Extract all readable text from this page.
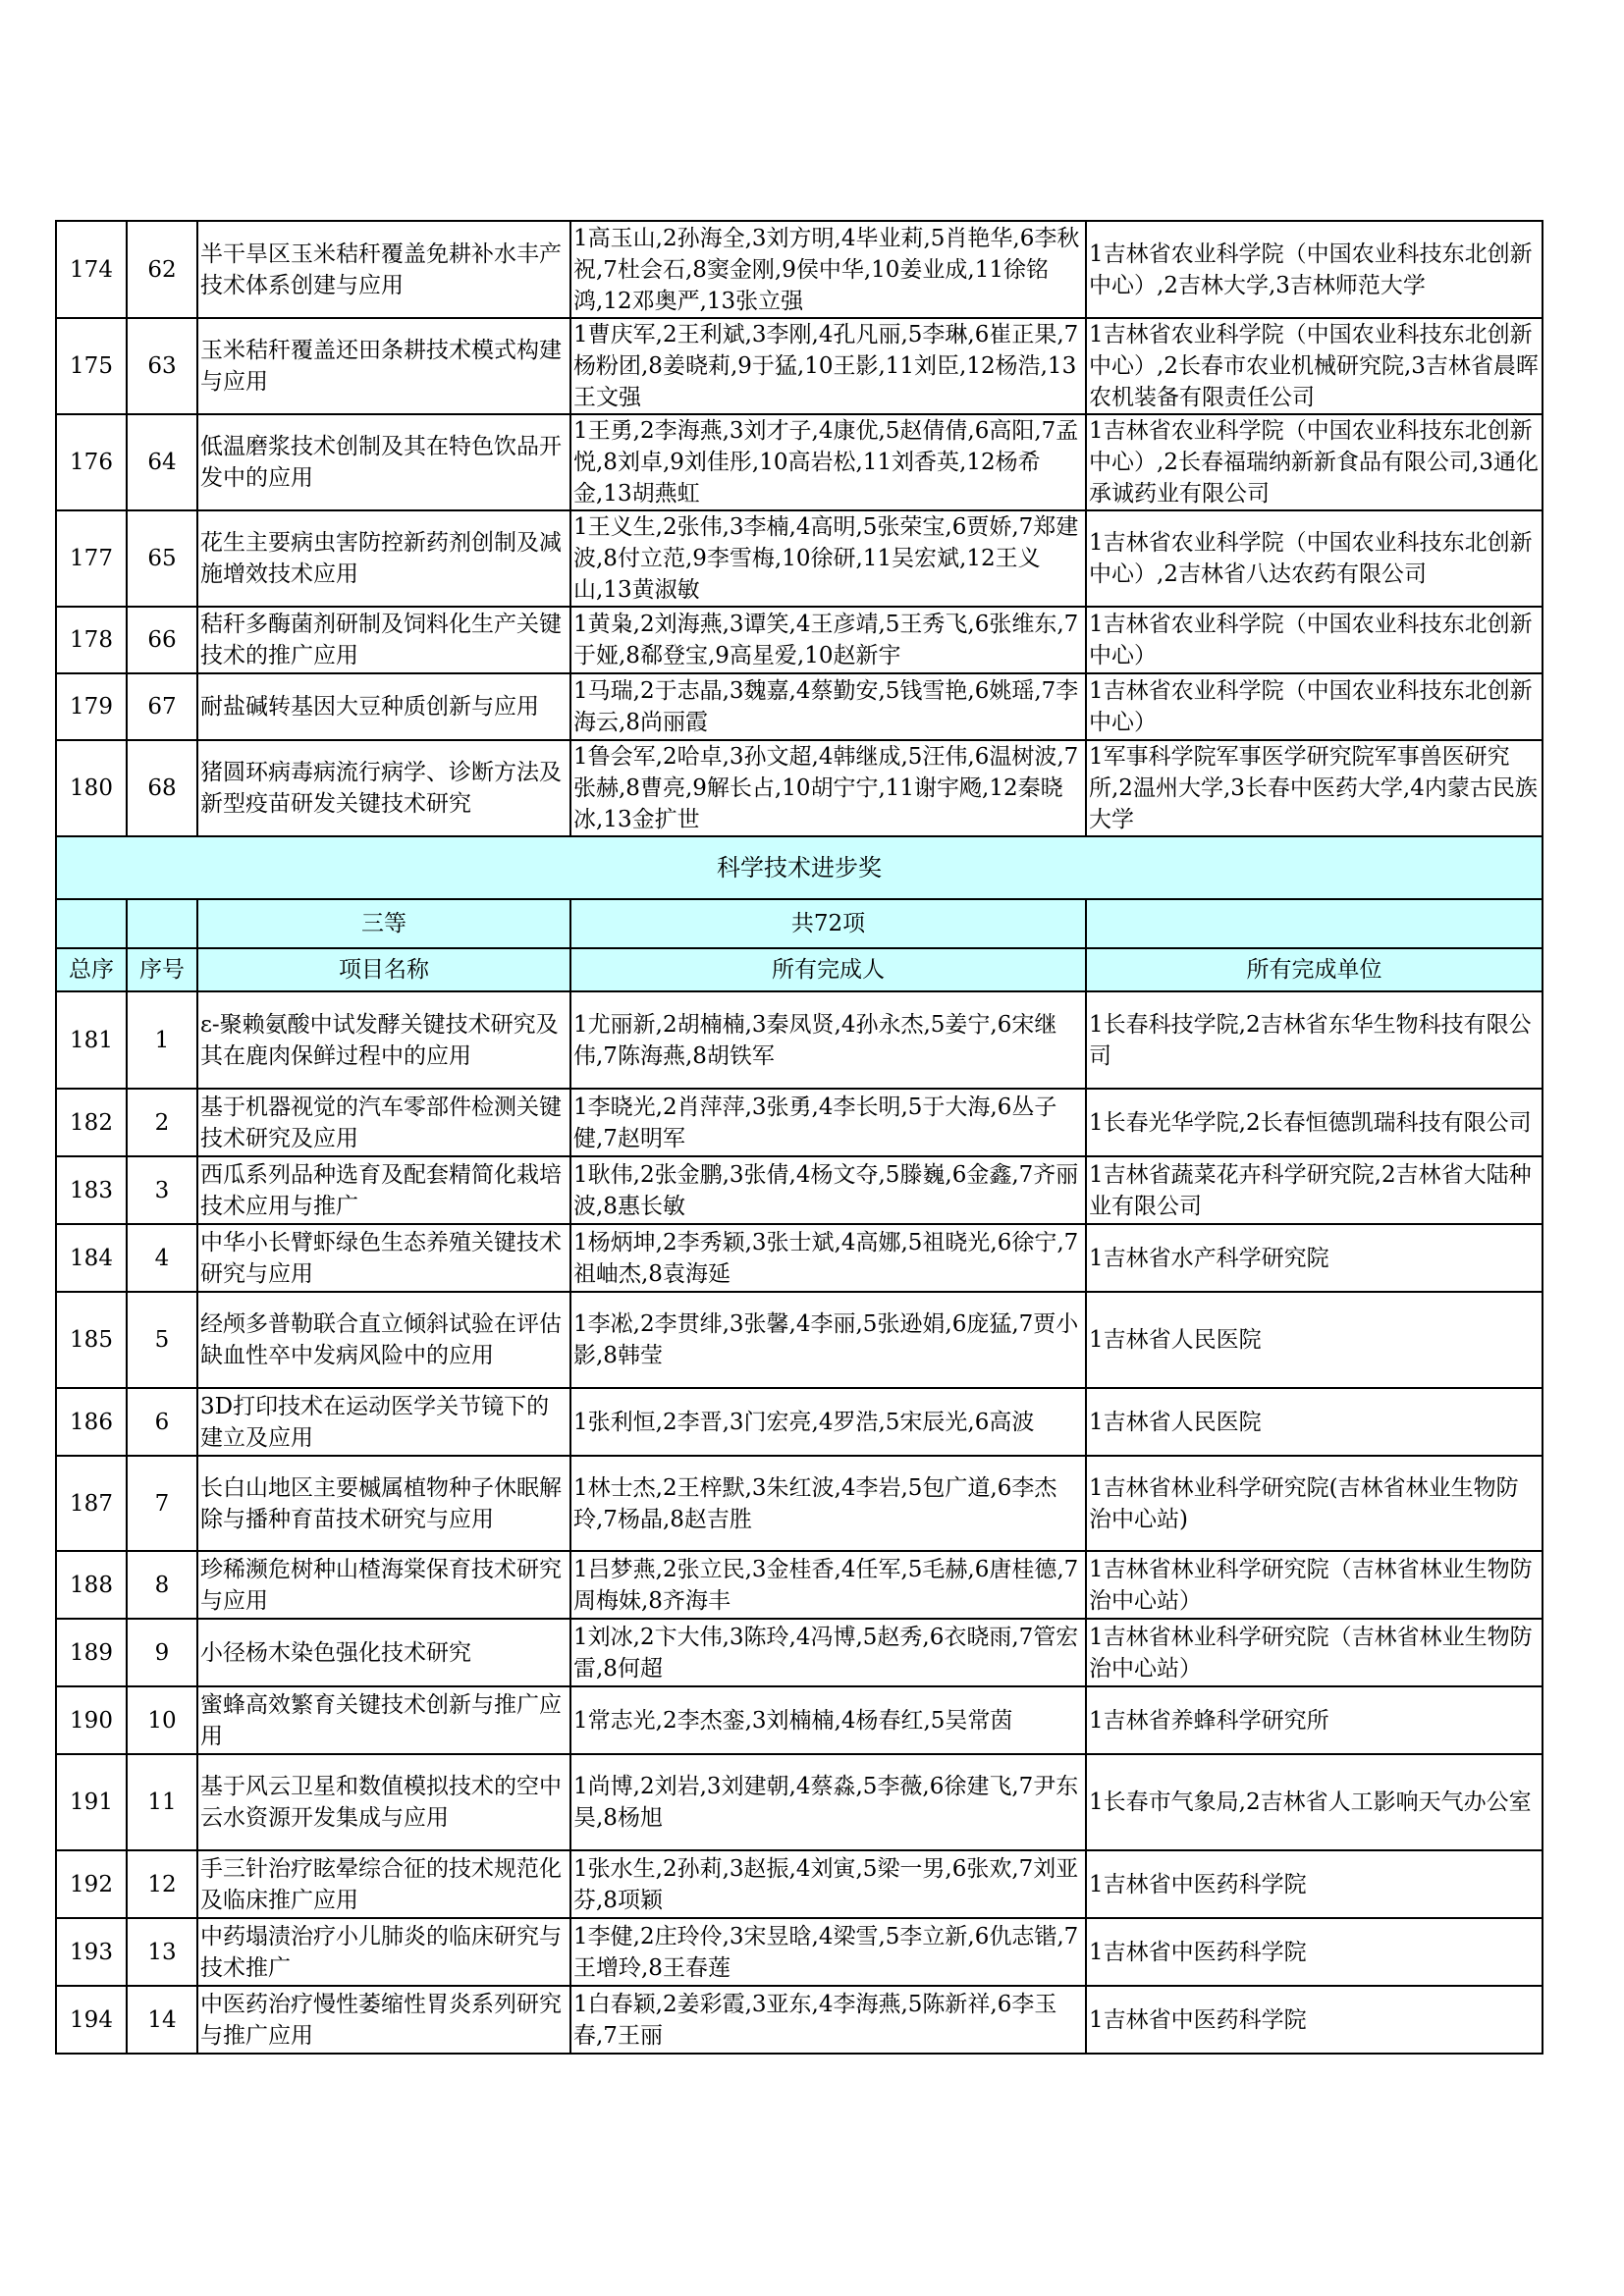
174	62	半干旱区玉米秸秆覆盖免耕补水丰产技术体系创建与应用	1高玉山,2孙海全,3刘方明,4毕业莉,5肖艳华,6李秋祝,7杜会石,8窦金刚,9侯中华,10姜业成,11徐铭鸿,12邓奥严,13张立强	1吉林省农业科学院（中国农业科技东北创新中心）,2吉林大学,3吉林师范大学
175	63	玉米秸秆覆盖还田条耕技术模式构建与应用	1曹庆军,2王利斌,3李刚,4孔凡丽,5李琳,6崔正果,7杨粉团,8姜晓莉,9于猛,10王影,11刘臣,12杨浩,13王文强	1吉林省农业科学院（中国农业科技东北创新中心）,2长春市农业机械研究院,3吉林省晨晖农机装备有限责任公司
176	64	低温磨浆技术创制及其在特色饮品开发中的应用	1王勇,2李海燕,3刘才子,4康优,5赵倩倩,6高阳,7孟悦,8刘卓,9刘佳彤,10高岩松,11刘香英,12杨希金,13胡燕虹	1吉林省农业科学院（中国农业科技东北创新中心）,2长春福瑞纳新新食品有限公司,3通化承诚药业有限公司
177	65	花生主要病虫害防控新药剂创制及减施增效技术应用	1王义生,2张伟,3李楠,4高明,5张荣宝,6贾娇,7郑建波,8付立范,9李雪梅,10徐研,11吴宏斌,12王义山,13黄淑敏	1吉林省农业科学院（中国农业科技东北创新中心）,2吉林省八达农药有限公司
178	66	秸秆多酶菌剂研制及饲料化生产关键技术的推广应用	1黄枭,2刘海燕,3谭笑,4王彦靖,5王秀飞,6张维东,7于娅,8郗登宝,9高星爱,10赵新宇	1吉林省农业科学院（中国农业科技东北创新中心）
179	67	耐盐碱转基因大豆种质创新与应用	1马瑞,2于志晶,3魏嘉,4蔡勤安,5钱雪艳,6姚瑶,7李海云,8尚丽霞	1吉林省农业科学院（中国农业科技东北创新中心）
180	68	猪圆环病毒病流行病学、诊断方法及新型疫苗研发关键技术研究	1鲁会军,2哈卓,3孙文超,4韩继成,5汪伟,6温树波,7张赫,8曹亮,9解长占,10胡宁宁,11谢宇飏,12秦晓冰,13金扩世	1军事科学院军事医学研究院军事兽医研究所,2温州大学,3长春中医药大学,4内蒙古民族大学
科学技术进步奖				
		三等	共72项	
总序	序号	项目名称	所有完成人	所有完成单位
181	1	ε-聚赖氨酸中试发酵关键技术研究及其在鹿肉保鲜过程中的应用	1尤丽新,2胡楠楠,3秦凤贤,4孙永杰,5姜宁,6宋继伟,7陈海燕,8胡铁军	1长春科技学院,2吉林省东华生物科技有限公司
182	2	基于机器视觉的汽车零部件检测关键技术研究及应用	1李晓光,2肖萍萍,3张勇,4李长明,5于大海,6丛子健,7赵明军	1长春光华学院,2长春恒德凯瑞科技有限公司
183	3	西瓜系列品种选育及配套精简化栽培技术应用与推广	1耿伟,2张金鹏,3张倩,4杨文夺,5滕巍,6金鑫,7齐丽波,8惠长敏	1吉林省蔬菜花卉科学研究院,2吉林省大陆种业有限公司
184	4	中华小长臂虾绿色生态养殖关键技术研究与应用	1杨炳坤,2李秀颖,3张士斌,4高娜,5祖晓光,6徐宁,7祖岫杰,8袁海延	1吉林省水产科学研究院
185	5	经颅多普勒联合直立倾斜试验在评估缺血性卒中发病风险中的应用	1李凇,2李贯绯,3张馨,4李丽,5张逊娟,6庞猛,7贾小影,8韩莹	1吉林省人民医院
186	6	3D打印技术在运动医学关节镜下的建立及应用	1张利恒,2李晋,3门宏亮,4罗浩,5宋辰光,6高波	1吉林省人民医院
187	7	长白山地区主要槭属植物种子休眠解除与播种育苗技术研究与应用	1林士杰,2王梓默,3朱红波,4李岩,5包广道,6李杰玲,7杨晶,8赵吉胜	1吉林省林业科学研究院(吉林省林业生物防治中心站)
188	8	珍稀濒危树种山楂海棠保育技术研究与应用	1吕梦燕,2张立民,3金桂香,4任军,5毛赫,6唐桂德,7周梅妹,8齐海丰	1吉林省林业科学研究院（吉林省林业生物防治中心站）
189	9	小径杨木染色强化技术研究	1刘冰,2卞大伟,3陈玲,4冯博,5赵秀,6衣晓雨,7管宏雷,8何超	1吉林省林业科学研究院（吉林省林业生物防治中心站）
190	10	蜜蜂高效繁育关键技术创新与推广应用	1常志光,2李杰銮,3刘楠楠,4杨春红,5吴常茵	1吉林省养蜂科学研究所
191	11	基于风云卫星和数值模拟技术的空中云水资源开发集成与应用	1尚博,2刘岩,3刘建朝,4蔡淼,5李薇,6徐建飞,7尹东昊,8杨旭	1长春市气象局,2吉林省人工影响天气办公室
192	12	手三针治疗眩晕综合征的技术规范化及临床推广应用	1张水生,2孙莉,3赵振,4刘寅,5梁一男,6张欢,7刘亚芬,8项颖	1吉林省中医药科学院
193	13	中药塌渍治疗小儿肺炎的临床研究与技术推广	1李健,2庄玲伶,3宋昱晗,4梁雪,5李立新,6仇志锴,7王增玲,8王春莲	1吉林省中医药科学院
194	14	中医药治疗慢性萎缩性胃炎系列研究与推广应用	1白春颖,2姜彩霞,3亚东,4李海燕,5陈新祥,6李玉春,7王丽	1吉林省中医药科学院
